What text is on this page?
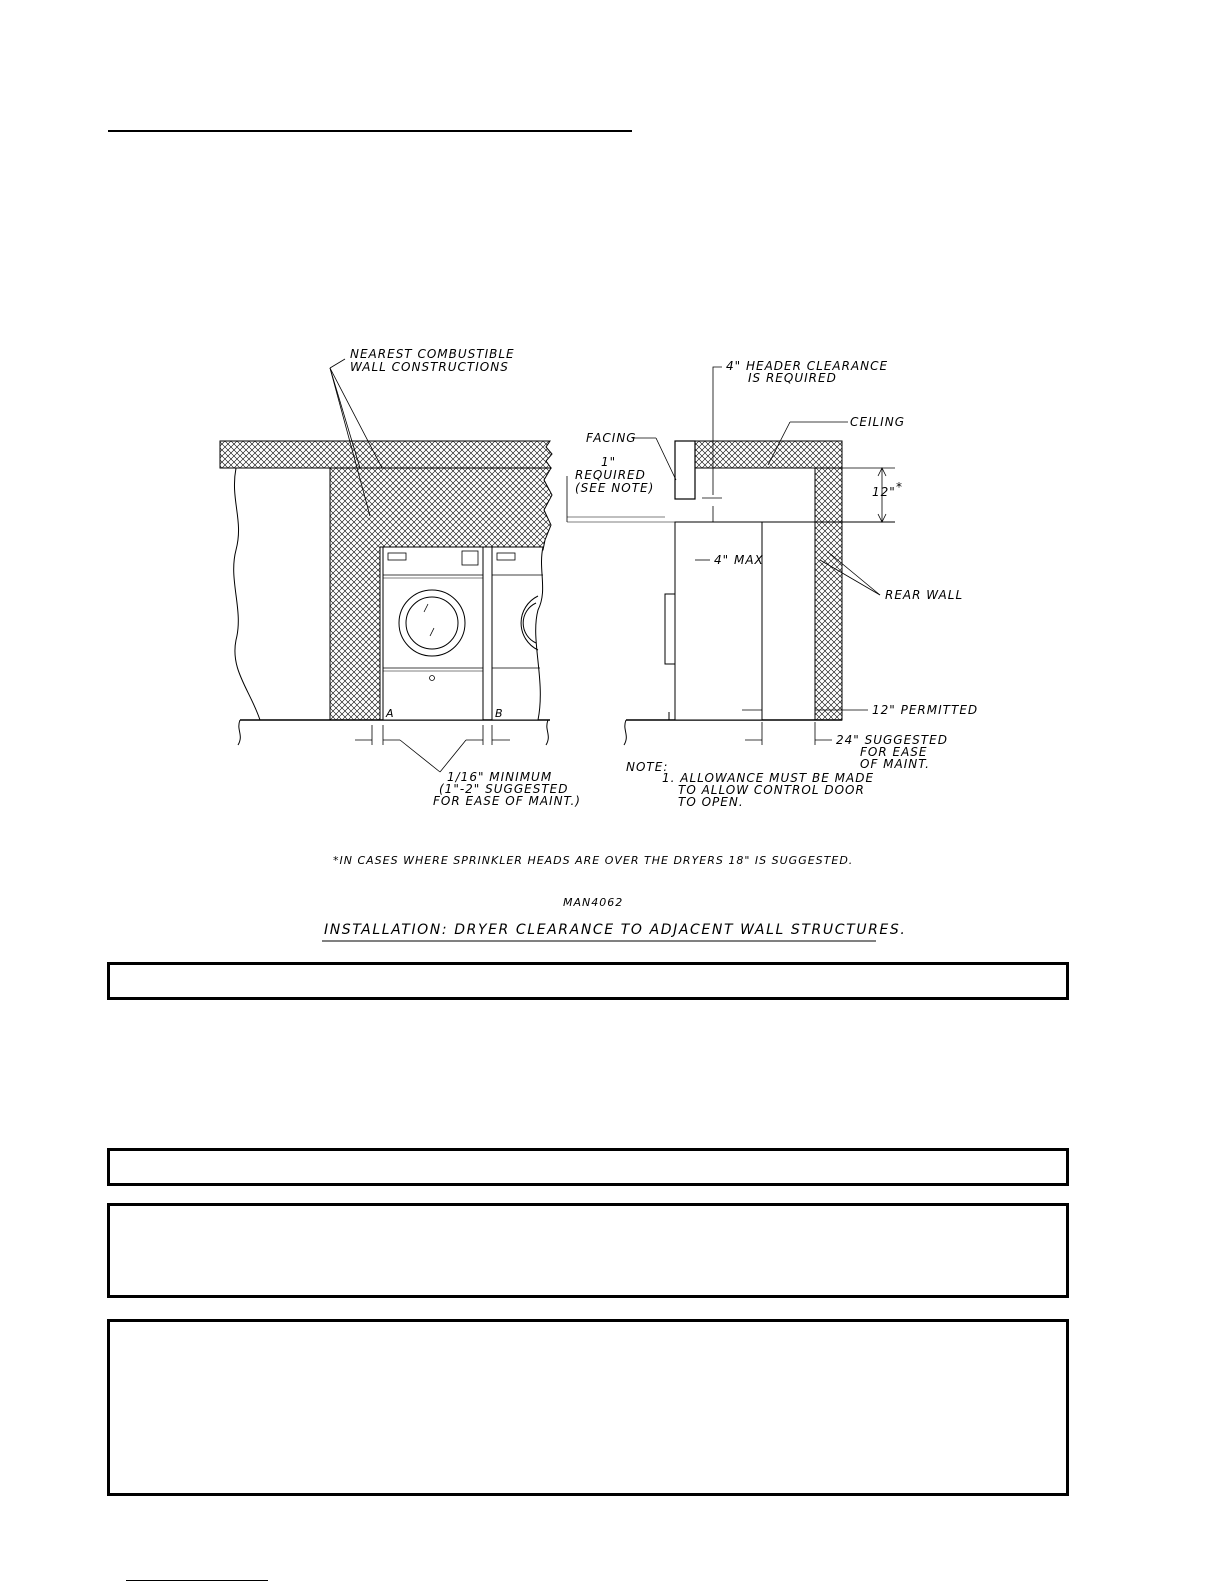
A	B
NEAREST COMBUSTIBLE
WALL CONSTRUCTIONS
1/16" MINIMUM
(1"-2" SUGGESTED
FOR EASE OF MAINT.)
12" *
4" HEADER CLEARANCE
IS REQUIRED
CEILING
FACING
1"
REQUIRED
(SEE NOTE)
4" MAX
REAR WALL
12" PERMITTED
24" SUGGESTED
FOR EASE
OF MAINT.
NOTE:
1. ALLOWANCE MUST BE MADE
TO ALLOW CONTROL DOOR
TO OPEN.
*IN CASES WHERE SPRINKLER HEADS ARE OVER THE DRYERS 18" IS SUGGESTED.
MAN4062
INSTALLATION: DRYER CLEARANCE TO ADJACENT WALL STRUCTURES.
